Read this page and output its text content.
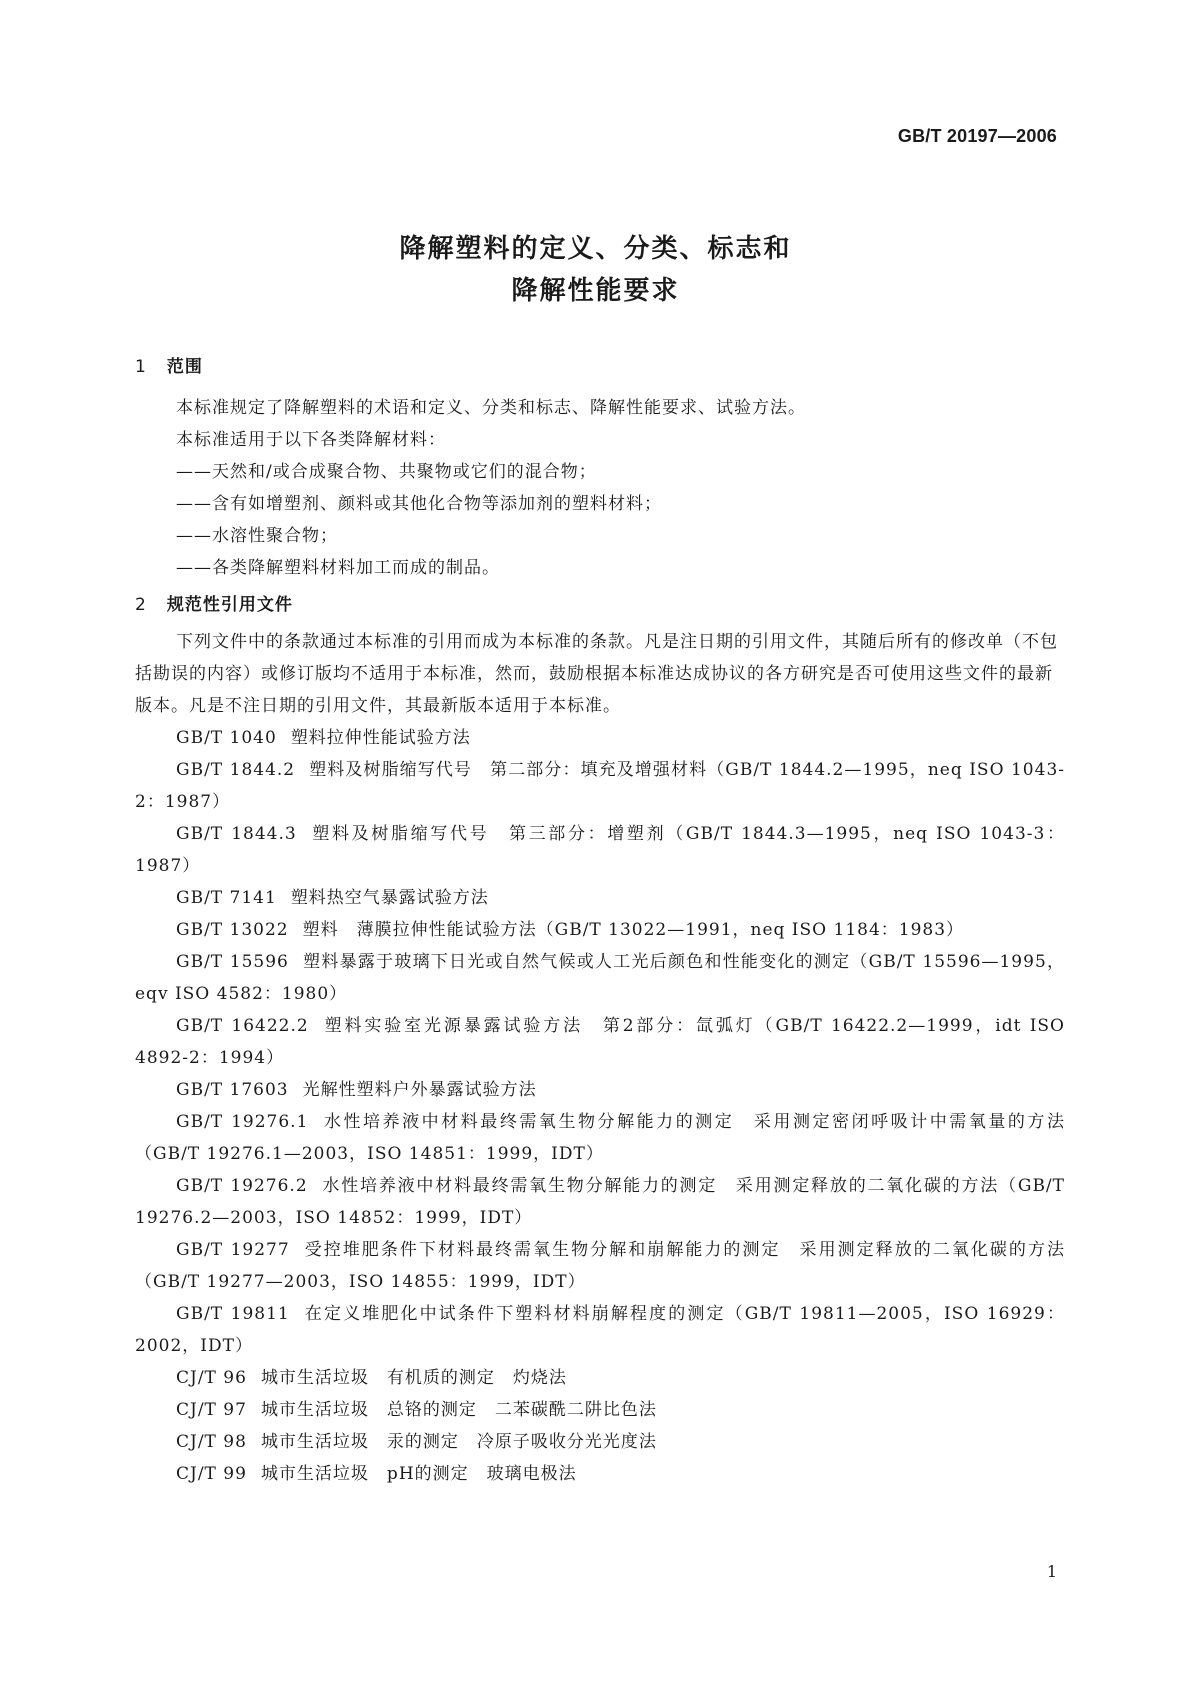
GB/T 20197—2006
降解塑料的定义、分类、标志和
降解性能要求
1 范围
本标准规定了降解塑料的术语和定义、分类和标志、降解性能要求、试验方法。
本标准适用于以下各类降解材料：
——天然和/或合成聚合物、共聚物或它们的混合物；
——含有如增塑剂、颜料或其他化合物等添加剂的塑料材料；
——水溶性聚合物；
——各类降解塑料材料加工而成的制品。
2 规范性引用文件
下列文件中的条款通过本标准的引用而成为本标准的条款。凡是注日期的引用文件，其随后所有的修改单（不包括勘误的内容）或修订版均不适用于本标准，然而，鼓励根据本标准达成协议的各方研究是否可使用这些文件的最新版本。凡是不注日期的引用文件，其最新版本适用于本标准。
GB/T 1040 塑料拉伸性能试验方法
GB/T 1844.2 塑料及树脂缩写代号　第二部分：填充及增强材料（GB/T 1844.2—1995，neq ISO 1043-2：1987）
GB/T 1844.3 塑料及树脂缩写代号　第三部分：增塑剂（GB/T 1844.3—1995，neq ISO 1043-3：1987）
GB/T 7141 塑料热空气暴露试验方法
GB/T 13022 塑料　薄膜拉伸性能试验方法（GB/T 13022—1991，neq ISO 1184：1983）
GB/T 15596 塑料暴露于玻璃下日光或自然气候或人工光后颜色和性能变化的测定（GB/T 15596—1995，eqv ISO 4582：1980）
GB/T 16422.2 塑料实验室光源暴露试验方法　第2部分：氙弧灯（GB/T 16422.2—1999，idt ISO 4892-2：1994）
GB/T 17603 光解性塑料户外暴露试验方法
GB/T 19276.1 水性培养液中材料最终需氧生物分解能力的测定　采用测定密闭呼吸计中需氧量的方法（GB/T 19276.1—2003，ISO 14851：1999，IDT）
GB/T 19276.2 水性培养液中材料最终需氧生物分解能力的测定　采用测定释放的二氧化碳的方法（GB/T 19276.2—2003，ISO 14852：1999，IDT）
GB/T 19277 受控堆肥条件下材料最终需氧生物分解和崩解能力的测定　采用测定释放的二氧化碳的方法（GB/T 19277—2003，ISO 14855：1999，IDT）
GB/T 19811 在定义堆肥化中试条件下塑料材料崩解程度的测定（GB/T 19811—2005，ISO 16929：2002，IDT）
CJ/T 96 城市生活垃圾　有机质的测定　灼烧法
CJ/T 97 城市生活垃圾　总铬的测定　二苯碳酰二阱比色法
CJ/T 98 城市生活垃圾　汞的测定　冷原子吸收分光光度法
CJ/T 99 城市生活垃圾　pH的测定　玻璃电极法
1
